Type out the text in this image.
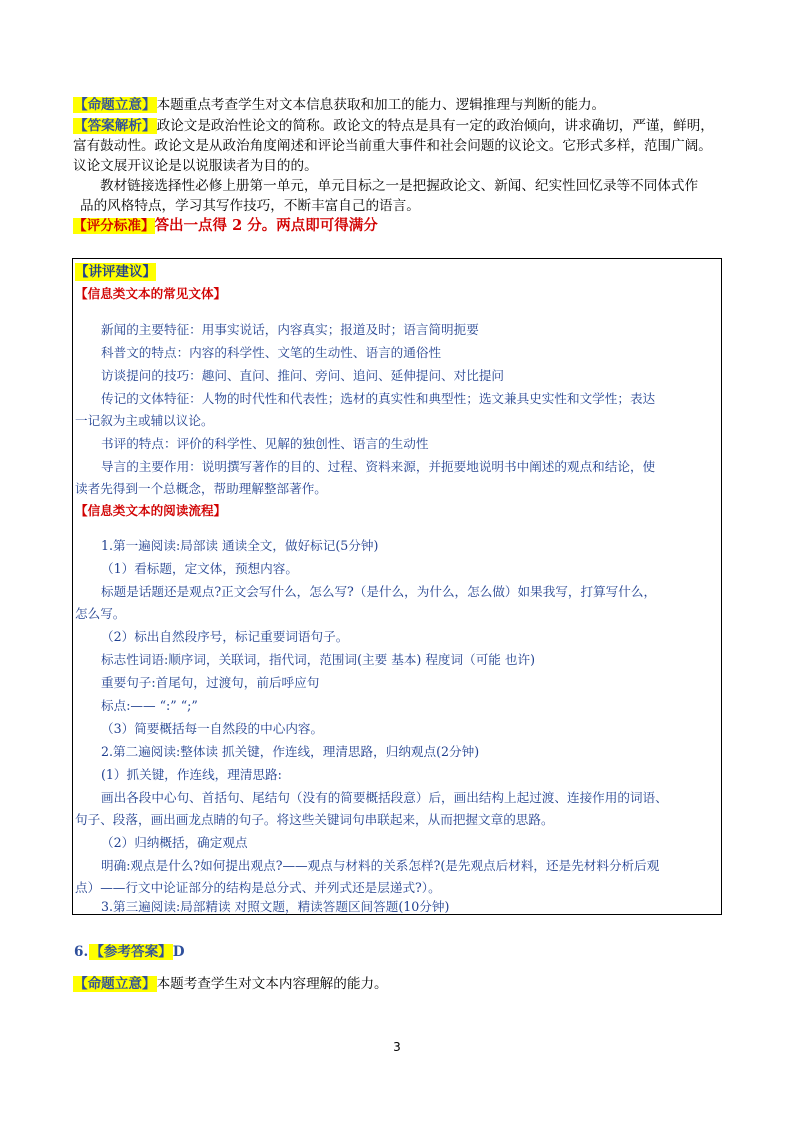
【命题立意】本题重点考查学生对文本信息获取和加工的能力、逻辑推理与判断的能力。
【答案解析】政论文是政治性论文的简称。政论文的特点是具有一定的政治倾向，讲求确切，严谨，鲜明，
富有鼓动性。政论文是从政治角度阐述和评论当前重大事件和社会问题的议论文。它形式多样，范围广阔。
议论文展开议论是以说服读者为目的的。
教材链接选择性必修上册第一单元，单元目标之一是把握政论文、新闻、纪实性回忆录等不同体式作
品的风格特点，学习其写作技巧，不断丰富自己的语言。
【评分标准】答出一点得 2 分。两点即可得满分
【讲评建议】
【信息类文本的常见文体】
新闻的主要特征：用事实说话，内容真实；报道及时；语言简明扼要
科普文的特点：内容的科学性、文笔的生动性、语言的通俗性
访谈提问的技巧：趣问、直问、推问、旁问、追问、延伸提问、对比提问
传记的文体特征：人物的时代性和代表性；选材的真实性和典型性；选文兼具史实性和文学性；表达
一记叙为主或辅以议论。
书评的特点：评价的科学性、见解的独创性、语言的生动性
导言的主要作用：说明撰写著作的目的、过程、资料来源，并扼要地说明书中阐述的观点和结论，使
读者先得到一个总概念，帮助理解整部著作。
【信息类文本的阅读流程】
1.第一遍阅读:局部读 通读全文，做好标记(5分钟)
（1）看标题，定文体，预想内容。
标题是话题还是观点?正文会写什么，怎么写?（是什么，为什么，怎么做）如果我写，打算写什么，
怎么写。
（2）标出自然段序号，标记重要词语句子。
标志性词语:顺序词，关联词，指代词，范围词(主要 基本) 程度词（可能 也许)
重要句子:首尾句，过渡句，前后呼应句
标点:—— “:” “;”
（3）简要概括每一自然段的中心内容。
2.第二遍阅读:整体读 抓关键，作连线，理清思路，归纳观点(2分钟)
(1）抓关键，作连线，理清思路:
画出各段中心句、首括句、尾结句（没有的简要概括段意）后，画出结构上起过渡、连接作用的词语、
句子、段落，画出画龙点睛的句子。将这些关键词句串联起来，从而把握文章的思路。
（2）归纳概括，确定观点
明确:观点是什么?如何提出观点?——观点与材料的关系怎样?(是先观点后材料，还是先材料分析后观
点）——行文中论证部分的结构是总分式、并列式还是层递式?）。
3.第三遍阅读:局部精读 对照文题，精读答题区间答题(10分钟)
6. 【参考答案】D
【命题立意】本题考查学生对文本内容理解的能力。
3
